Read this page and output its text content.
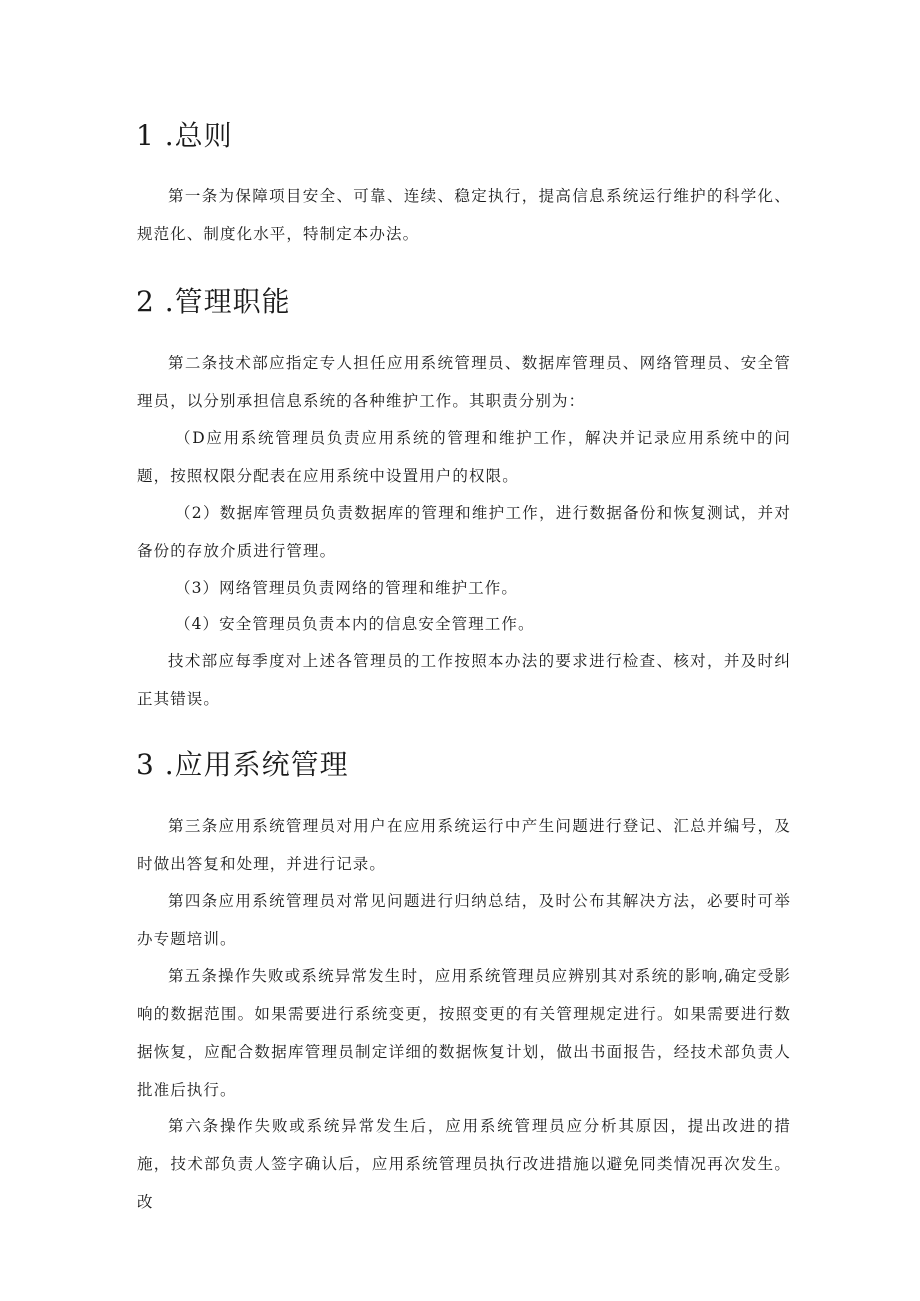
1 .总则

第一条为保障项目安全、可靠、连续、稳定执行，提高信息系统运行维护的科学化、规范化、制度化水平，特制定本办法。

2 .管理职能

第二条技术部应指定专人担任应用系统管理员、数据库管理员、网络管理员、安全管理员，以分别承担信息系统的各种维护工作。其职责分别为：

（D应用系统管理员负责应用系统的管理和维护工作，解决并记录应用系统中的问题，按照权限分配表在应用系统中设置用户的权限。

（2）数据库管理员负责数据库的管理和维护工作，进行数据备份和恢复测试，并对备份的存放介质进行管理。

（3）网络管理员负责网络的管理和维护工作。

（4）安全管理员负责本内的信息安全管理工作。

技术部应每季度对上述各管理员的工作按照本办法的要求进行检查、核对，并及时纠正其错误。

3 .应用系统管理

第三条应用系统管理员对用户在应用系统运行中产生问题进行登记、汇总并编号，及时做出答复和处理，并进行记录。

第四条应用系统管理员对常见问题进行归纳总结，及时公布其解决方法，必要时可举办专题培训。

第五条操作失败或系统异常发生时，应用系统管理员应辨别其对系统的影响,确定受影响的数据范围。如果需要进行系统变更，按照变更的有关管理规定进行。如果需要进行数据恢复，应配合数据库管理员制定详细的数据恢复计划，做出书面报告，经技术部负责人批准后执行。

第六条操作失败或系统异常发生后，应用系统管理员应分析其原因，提出改进的措施，技术部负责人签字确认后，应用系统管理员执行改进措施以避免同类情况再次发生。改
